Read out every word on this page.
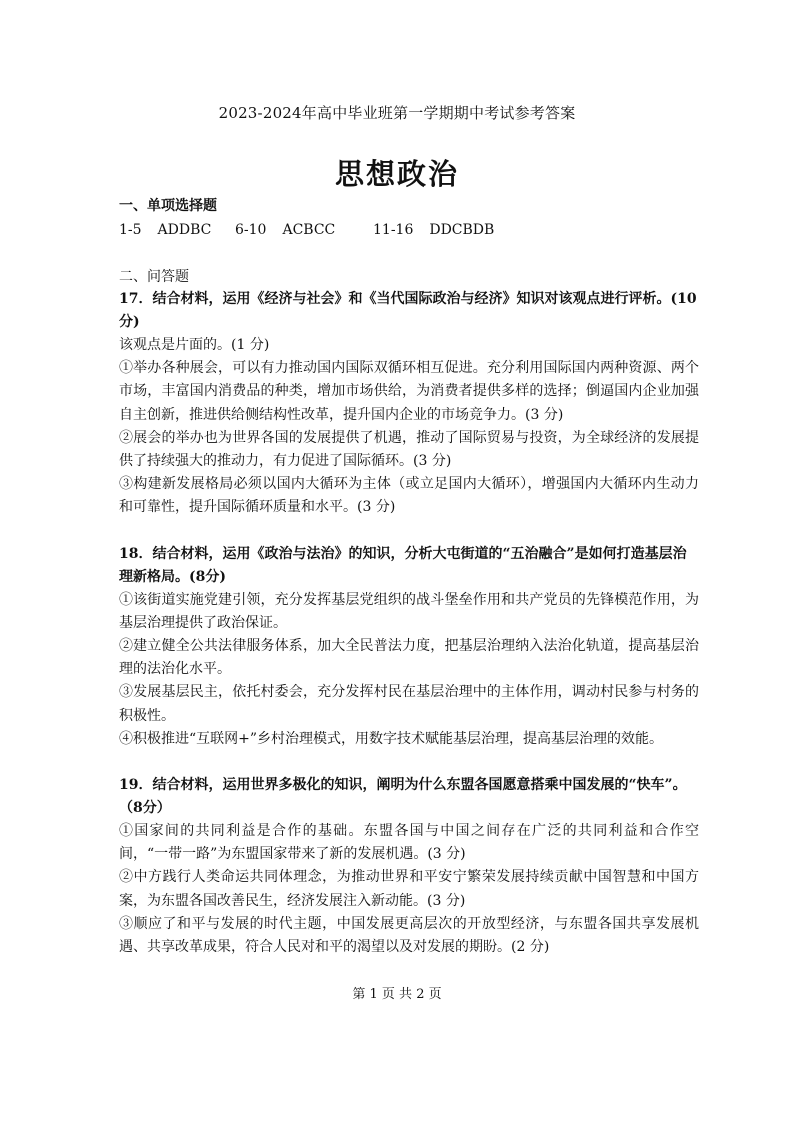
2023-2024年高中毕业班第一学期期中考试参考答案
思想政治

一、单项选择题

1-5 ADDBC 6-10 ACBCC	11-16 DDCBDB

二、问答题

17．结合材料，运用《经济与社会》和《当代国际政治与经济》知识对该观点进行评析。(10分)

该观点是片面的。(1 分)

①举办各种展会，可以有力推动国内国际双循环相互促进。充分利用国际国内两种资源、两个市场，丰富国内消费品的种类，增加市场供给，为消费者提供多样的选择；倒逼国内企业加强自主创新，推进供给侧结构性改革，提升国内企业的市场竞争力。(3 分)

②展会的举办也为世界各国的发展提供了机遇，推动了国际贸易与投资，为全球经济的发展提供了持续强大的推动力，有力促进了国际循环。(3 分)

③构建新发展格局必须以国内大循环为主体（或立足国内大循环），增强国内大循环内生动力和可靠性，提升国际循环质量和水平。(3 分)

18．结合材料，运用《政治与法治》的知识，分析大屯街道的“五治融合”是如何打造基层治理新格局。(8分)

①该街道实施党建引领，充分发挥基层党组织的战斗堡垒作用和共产党员的先锋模范作用，为基层治理提供了政治保证。

②建立健全公共法律服务体系，加大全民普法力度，把基层治理纳入法治化轨道，提高基层治理的法治化水平。

③发展基层民主，依托村委会，充分发挥村民在基层治理中的主体作用，调动村民参与村务的积极性。

④积极推进“互联网+”乡村治理模式，用数字技术赋能基层治理，提高基层治理的效能。

19．结合材料，运用世界多极化的知识，阐明为什么东盟各国愿意搭乘中国发展的“快车”。（8分）

①国家间的共同利益是合作的基础。东盟各国与中国之间存在广泛的共同利益和合作空间，“一带一路”为东盟国家带来了新的发展机遇。(3 分)

②中方践行人类命运共同体理念，为推动世界和平安宁繁荣发展持续贡献中国智慧和中国方案，为东盟各国改善民生，经济发展注入新动能。(3 分)

③顺应了和平与发展的时代主题，中国发展更高层次的开放型经济，与东盟各国共享发展机遇、共享改革成果，符合人民对和平的渴望以及对发展的期盼。(2 分)

第 1 页 共 2 页
